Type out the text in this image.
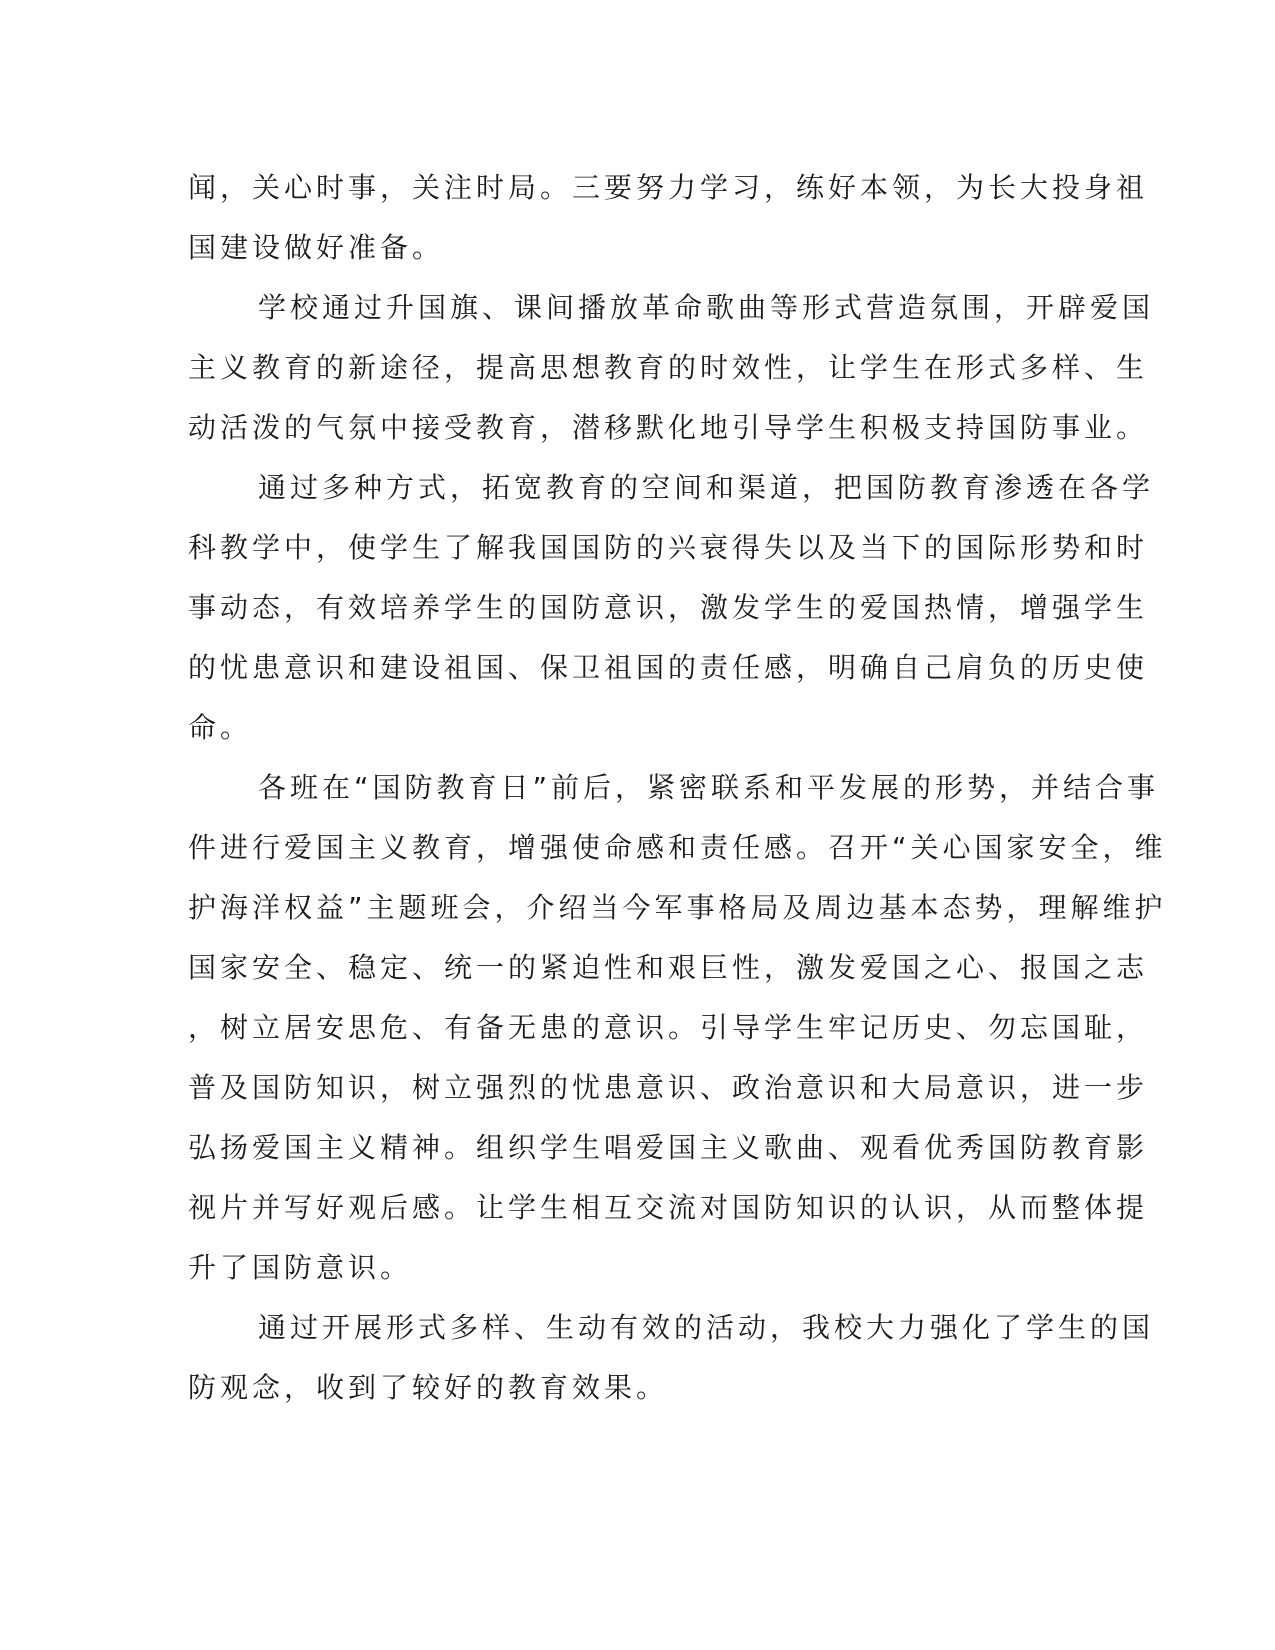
闻，关心时事，关注时局。三要努力学习，练好本领，为长大投身祖
国建设做好准备。
学校通过升国旗、课间播放革命歌曲等形式营造氛围，开辟爱国
主义教育的新途径，提高思想教育的时效性，让学生在形式多样、生
动活泼的气氛中接受教育，潜移默化地引导学生积极支持国防事业。
通过多种方式，拓宽教育的空间和渠道，把国防教育渗透在各学
科教学中，使学生了解我国国防的兴衰得失以及当下的国际形势和时
事动态，有效培养学生的国防意识，激发学生的爱国热情，增强学生
的忧患意识和建设祖国、保卫祖国的责任感，明确自己肩负的历史使
命。
各班在“国防教育日”前后，紧密联系和平发展的形势，并结合事
件进行爱国主义教育，增强使命感和责任感。召开“关心国家安全，维
护海洋权益”主题班会，介绍当今军事格局及周边基本态势，理解维护
国家安全、稳定、统一的紧迫性和艰巨性，激发爱国之心、报国之志
，树立居安思危、有备无患的意识。引导学生牢记历史、勿忘国耻，
普及国防知识，树立强烈的忧患意识、政治意识和大局意识，进一步
弘扬爱国主义精神。组织学生唱爱国主义歌曲、观看优秀国防教育影
视片并写好观后感。让学生相互交流对国防知识的认识，从而整体提
升了国防意识。
通过开展形式多样、生动有效的活动，我校大力强化了学生的国
防观念，收到了较好的教育效果。
